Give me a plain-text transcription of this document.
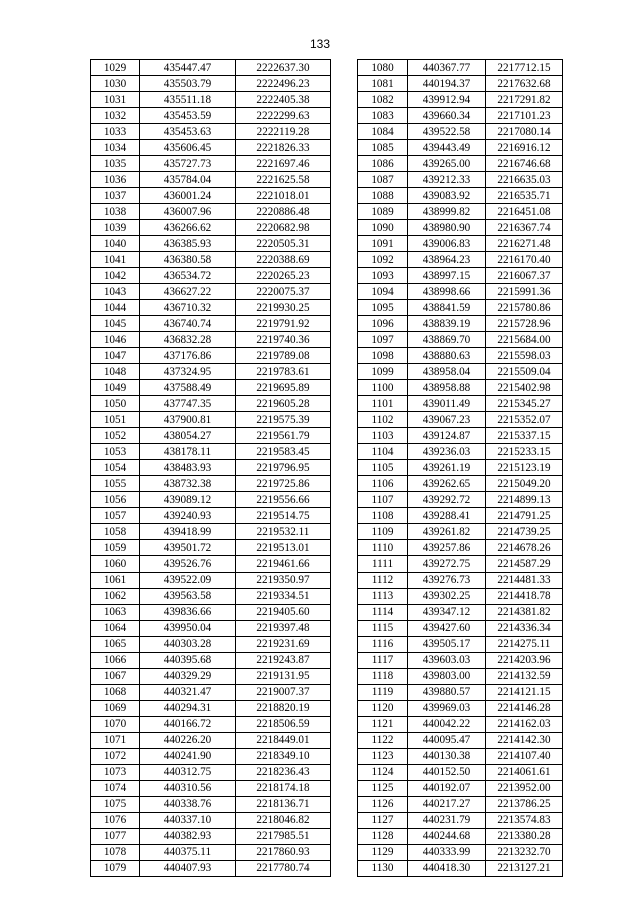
133
1029	435447.47	2222637.30
1030	435503.79	2222496.23
1031	435511.18	2222405.38
1032	435453.59	2222299.63
1033	435453.63	2222119.28
1034	435606.45	2221826.33
1035	435727.73	2221697.46
1036	435784.04	2221625.58
1037	436001.24	2221018.01
1038	436007.96	2220886.48
1039	436266.62	2220682.98
1040	436385.93	2220505.31
1041	436380.58	2220388.69
1042	436534.72	2220265.23
1043	436627.22	2220075.37
1044	436710.32	2219930.25
1045	436740.74	2219791.92
1046	436832.28	2219740.36
1047	437176.86	2219789.08
1048	437324.95	2219783.61
1049	437588.49	2219695.89
1050	437747.35	2219605.28
1051	437900.81	2219575.39
1052	438054.27	2219561.79
1053	438178.11	2219583.45
1054	438483.93	2219796.95
1055	438732.38	2219725.86
1056	439089.12	2219556.66
1057	439240.93	2219514.75
1058	439418.99	2219532.11
1059	439501.72	2219513.01
1060	439526.76	2219461.66
1061	439522.09	2219350.97
1062	439563.58	2219334.51
1063	439836.66	2219405.60
1064	439950.04	2219397.48
1065	440303.28	2219231.69
1066	440395.68	2219243.87
1067	440329.29	2219131.95
1068	440321.47	2219007.37
1069	440294.31	2218820.19
1070	440166.72	2218506.59
1071	440226.20	2218449.01
1072	440241.90	2218349.10
1073	440312.75	2218236.43
1074	440310.56	2218174.18
1075	440338.76	2218136.71
1076	440337.10	2218046.82
1077	440382.93	2217985.51
1078	440375.11	2217860.93
1079	440407.93	2217780.74
1080	440367.77	2217712.15
1081	440194.37	2217632.68
1082	439912.94	2217291.82
1083	439660.34	2217101.23
1084	439522.58	2217080.14
1085	439443.49	2216916.12
1086	439265.00	2216746.68
1087	439212.33	2216635.03
1088	439083.92	2216535.71
1089	438999.82	2216451.08
1090	438980.90	2216367.74
1091	439006.83	2216271.48
1092	438964.23	2216170.40
1093	438997.15	2216067.37
1094	438998.66	2215991.36
1095	438841.59	2215780.86
1096	438839.19	2215728.96
1097	438869.70	2215684.00
1098	438880.63	2215598.03
1099	438958.04	2215509.04
1100	438958.88	2215402.98
1101	439011.49	2215345.27
1102	439067.23	2215352.07
1103	439124.87	2215337.15
1104	439236.03	2215233.15
1105	439261.19	2215123.19
1106	439262.65	2215049.20
1107	439292.72	2214899.13
1108	439288.41	2214791.25
1109	439261.82	2214739.25
1110	439257.86	2214678.26
1111	439272.75	2214587.29
1112	439276.73	2214481.33
1113	439302.25	2214418.78
1114	439347.12	2214381.82
1115	439427.60	2214336.34
1116	439505.17	2214275.11
1117	439603.03	2214203.96
1118	439803.00	2214132.59
1119	439880.57	2214121.15
1120	439969.03	2214146.28
1121	440042.22	2214162.03
1122	440095.47	2214142.30
1123	440130.38	2214107.40
1124	440152.50	2214061.61
1125	440192.07	2213952.00
1126	440217.27	2213786.25
1127	440231.79	2213574.83
1128	440244.68	2213380.28
1129	440333.99	2213232.70
1130	440418.30	2213127.21
